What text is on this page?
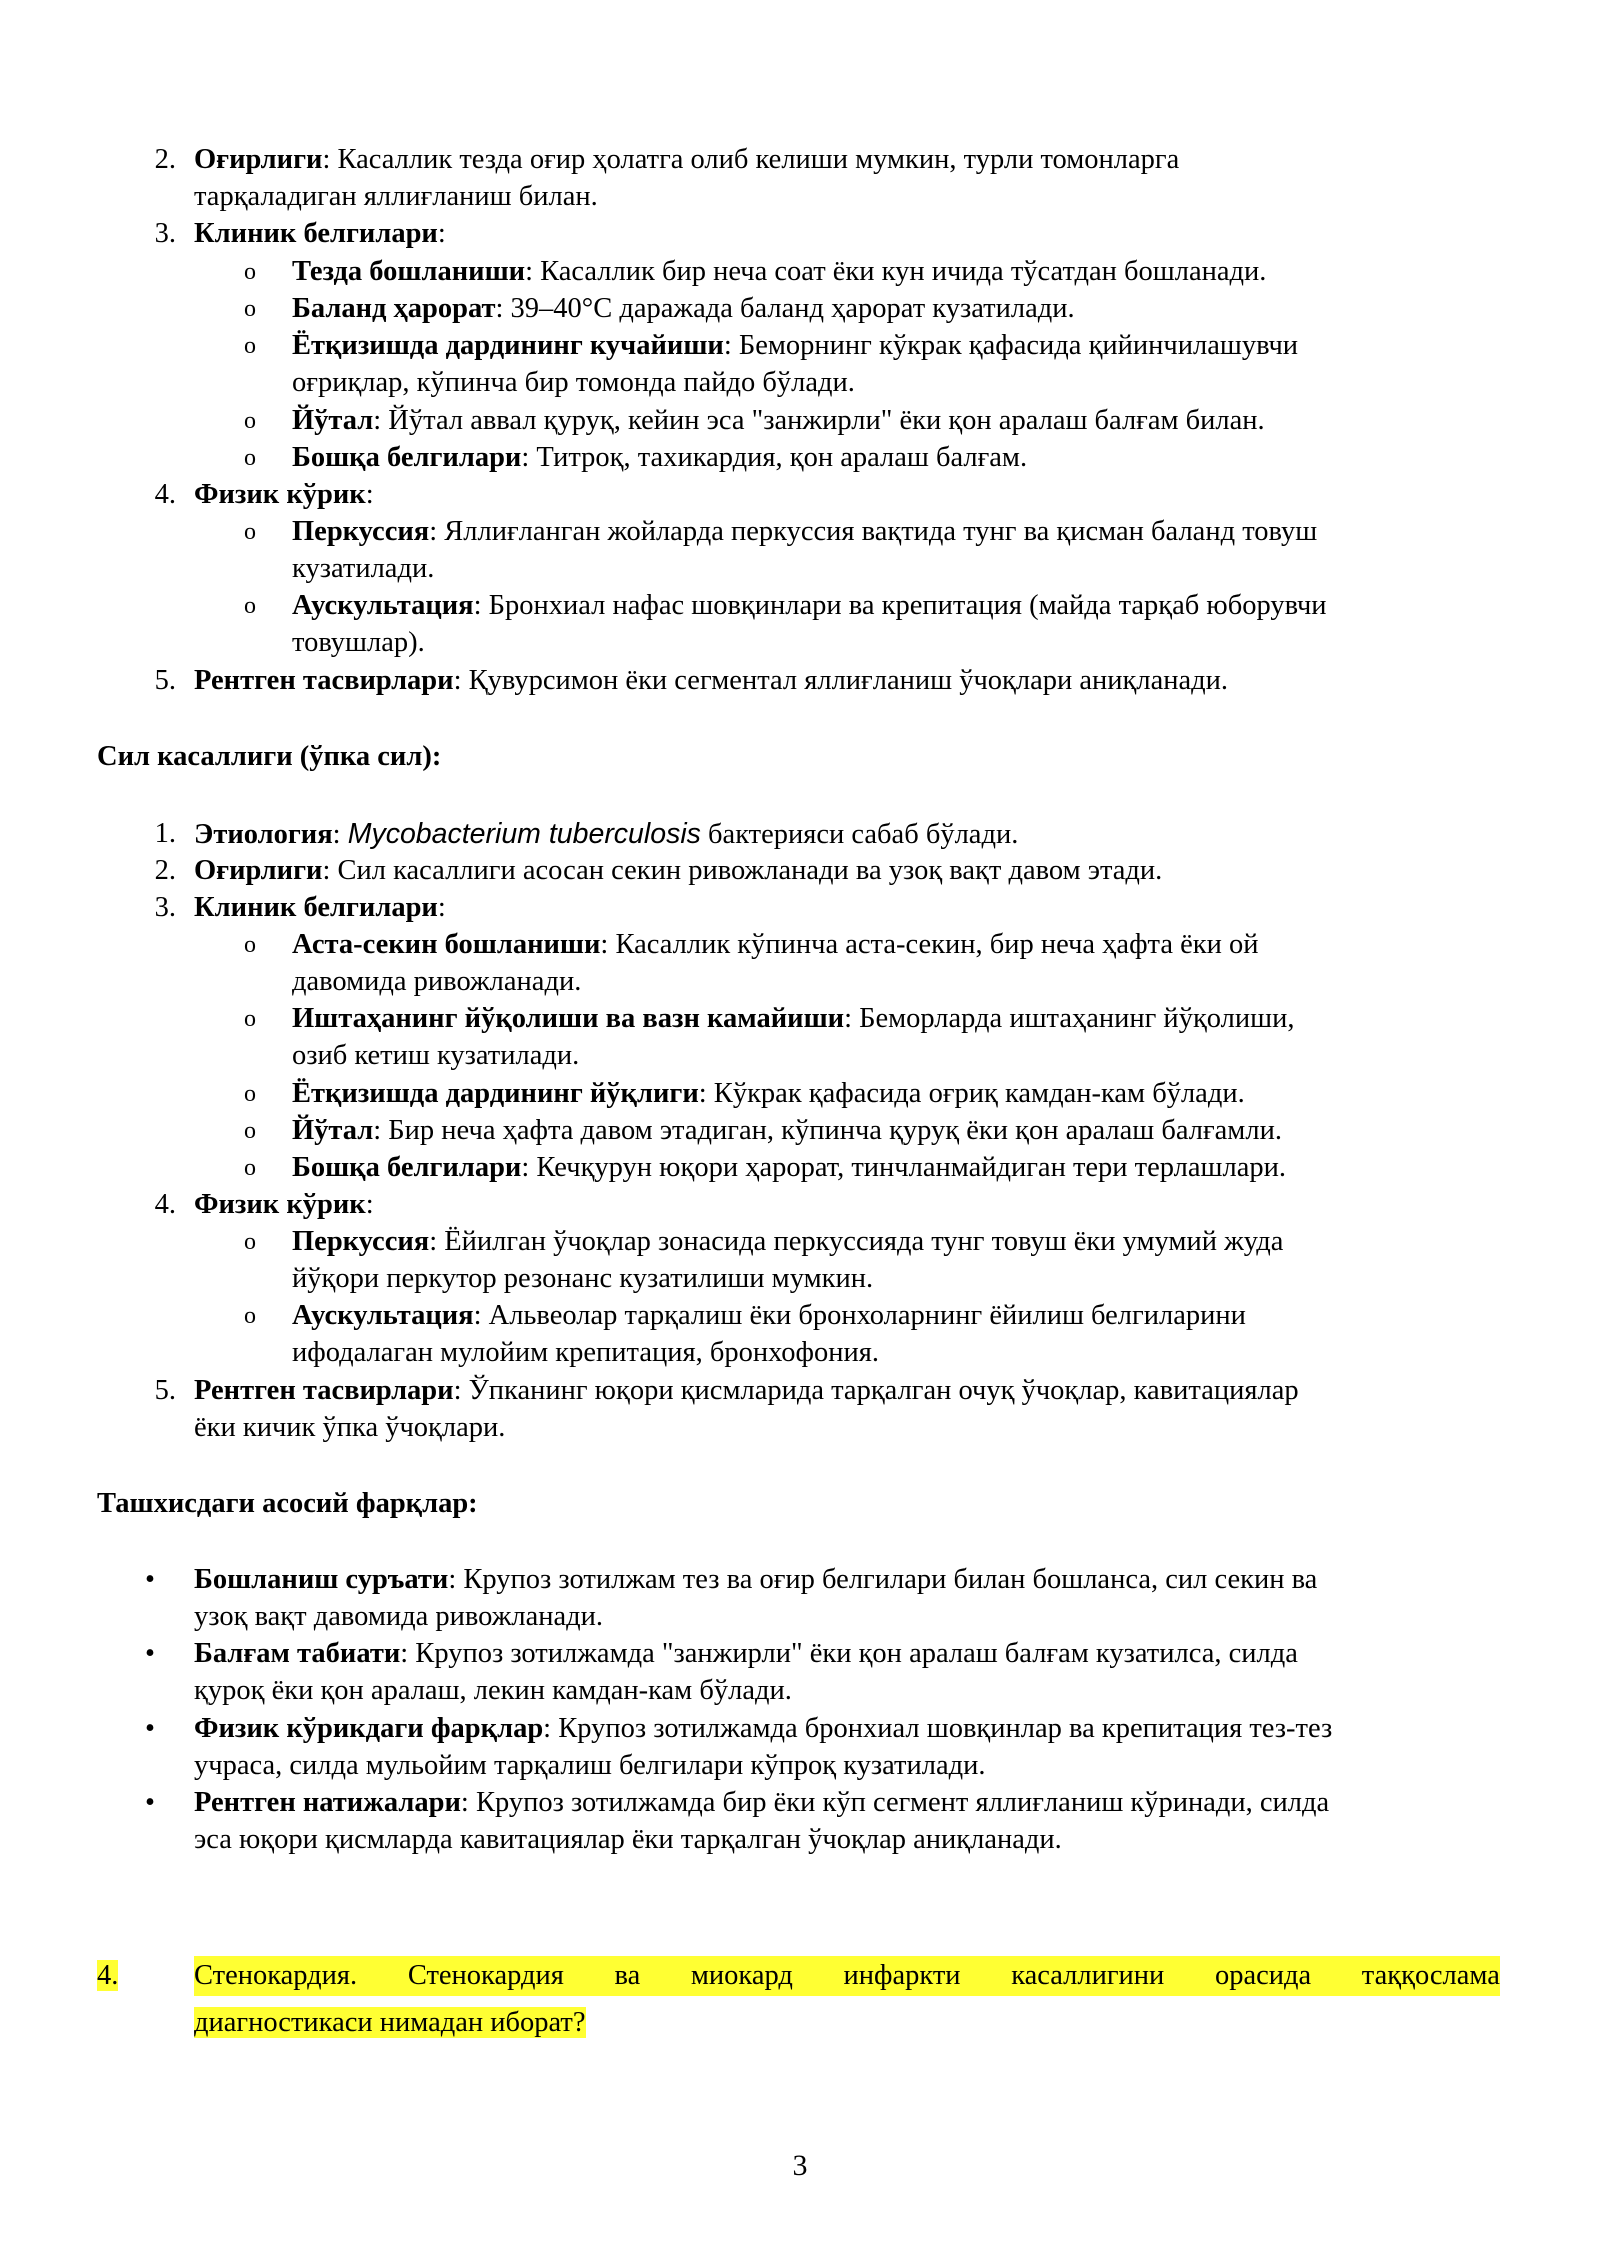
2. Оғирлиги: Касаллик тезда оғир ҳолатга олиб келиши мумкин, турли томонларга
тарқаладиган яллиғланиш билан.
3. Клиник белгилари:
o Тезда бошланиши: Касаллик бир неча соат ёки кун ичида тўсатдан бошланади.
o Баланд ҳарорат: 39–40°C даражада баланд ҳарорат кузатилади.
o Ётқизишда дардининг кучайиши: Беморнинг кўкрак қафасида қийинчилашувчи
оғриқлар, кўпинча бир томонда пайдо бўлади.
o Йўтал: Йўтал аввал қуруқ, кейин эса "занжирли" ёки қон аралаш балғам билан.
o Бошқа белгилари: Титроқ, тахикардия, қон аралаш балғам.
4. Физик кўрик:
o Перкуссия: Яллиғланган жойларда перкуссия вақтида тунг ва қисман баланд товуш
кузатилади.
o Аускультация: Бронхиал нафас шовқинлари ва крепитация (майда тарқаб юборувчи
товушлар).
5. Рентген тасвирлари: Қувурсимон ёки сегментал яллиғланиш ўчоқлари аниқланади.
Сил касаллиги (ўпка сил):
1. Этиология: Mycobacterium tuberculosis бактерияси сабаб бўлади.
2. Оғирлиги: Сил касаллиги асосан секин ривожланади ва узоқ вақт давом этади.
3. Клиник белгилари:
o Аста-секин бошланиши: Касаллик кўпинча аста-секин, бир неча ҳафта ёки ой
давомида ривожланади.
o Иштаҳанинг йўқолиши ва вазн камайиши: Беморларда иштаҳанинг йўқолиши,
озиб кетиш кузатилади.
o Ётқизишда дардининг йўқлиги: Кўкрак қафасида оғриқ камдан-кам бўлади.
o Йўтал: Бир неча ҳафта давом этадиган, кўпинча қуруқ ёки қон аралаш балғамли.
o Бошқа белгилари: Кечқурун юқори ҳарорат, тинчланмайдиган тери терлашлари.
4. Физик кўрик:
o Перкуссия: Ёйилган ўчоқлар зонасида перкуссияда тунг товуш ёки умумий жуда
йўқори перкутор резонанс кузатилиши мумкин.
o Аускультация: Альвеолар тарқалиш ёки бронхоларнинг ёйилиш белгиларини
ифодалаган мулойим крепитация, бронхофония.
5. Рентген тасвирлари: Ўпканинг юқори қисмларида тарқалган очуқ ўчоқлар, кавитациялар
ёки кичик ўпка ўчоқлари.
Ташхисдаги асосий фарқлар:
• Бошланиш суръати: Крупоз зотилжам тез ва оғир белгилари билан бошланса, сил секин ва
узоқ вақт давомида ривожланади.
• Балғам табиати: Крупоз зотилжамда "занжирли" ёки қон аралаш балғам кузатилса, силда
қуроқ ёки қон аралаш, лекин камдан-кам бўлади.
• Физик кўрикдаги фарқлар: Крупоз зотилжамда бронхиал шовқинлар ва крепитация тез-тез
учраса, силда мульойим тарқалиш белгилари кўпроқ кузатилади.
• Рентген натижалари: Крупоз зотилжамда бир ёки кўп сегмент яллиғланиш кўринади, силда
эса юқори қисмларда кавитациялар ёки тарқалган ўчоқлар аниқланади.
4.	Стенокардия. Стенокардия ва миокард инфаркти касаллигини орасида таққослама
диагностикаси нимадан иборат?
3
